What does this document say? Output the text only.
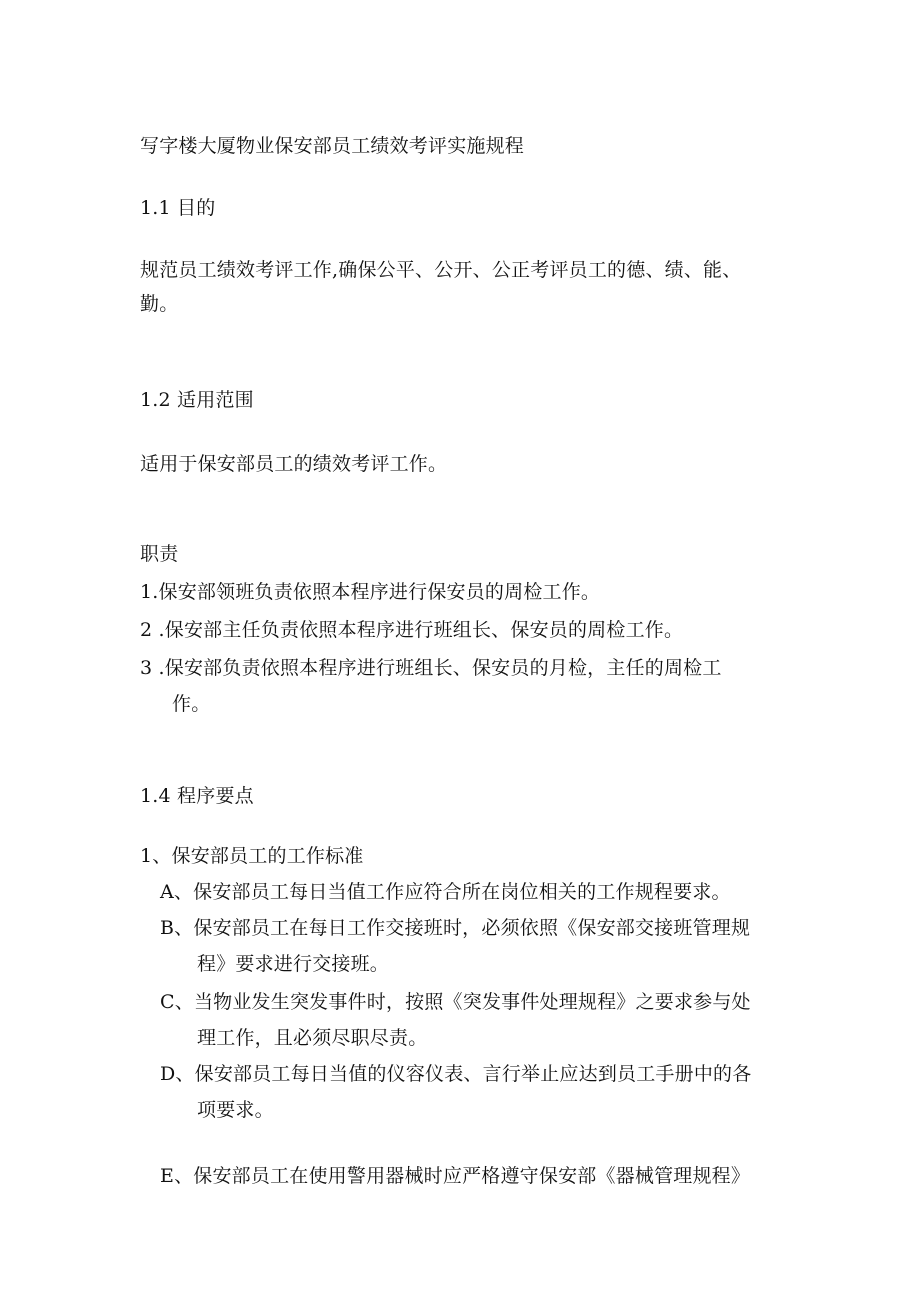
写字楼大厦物业保安部员工绩效考评实施规程
1.1 目的
规范员工绩效考评工作,确保公平、公开、公正考评员工的德、绩、能、
勤。
1.2 适用范围
适用于保安部员工的绩效考评工作。
职责
1.保安部领班负责依照本程序进行保安员的周检工作。
2 .保安部主任负责依照本程序进行班组长、保安员的周检工作。
3 .保安部负责依照本程序进行班组长、保安员的月检，主任的周检工
作。
1.4 程序要点
1、保安部员工的工作标准
A、保安部员工每日当值工作应符合所在岗位相关的工作规程要求。
B、保安部员工在每日工作交接班时，必须依照《保安部交接班管理规
程》要求进行交接班。
C、当物业发生突发事件时，按照《突发事件处理规程》之要求参与处
理工作，且必须尽职尽责。
D、保安部员工每日当值的仪容仪表、言行举止应达到员工手册中的各
项要求。
E、保安部员工在使用警用器械时应严格遵守保安部《器械管理规程》
